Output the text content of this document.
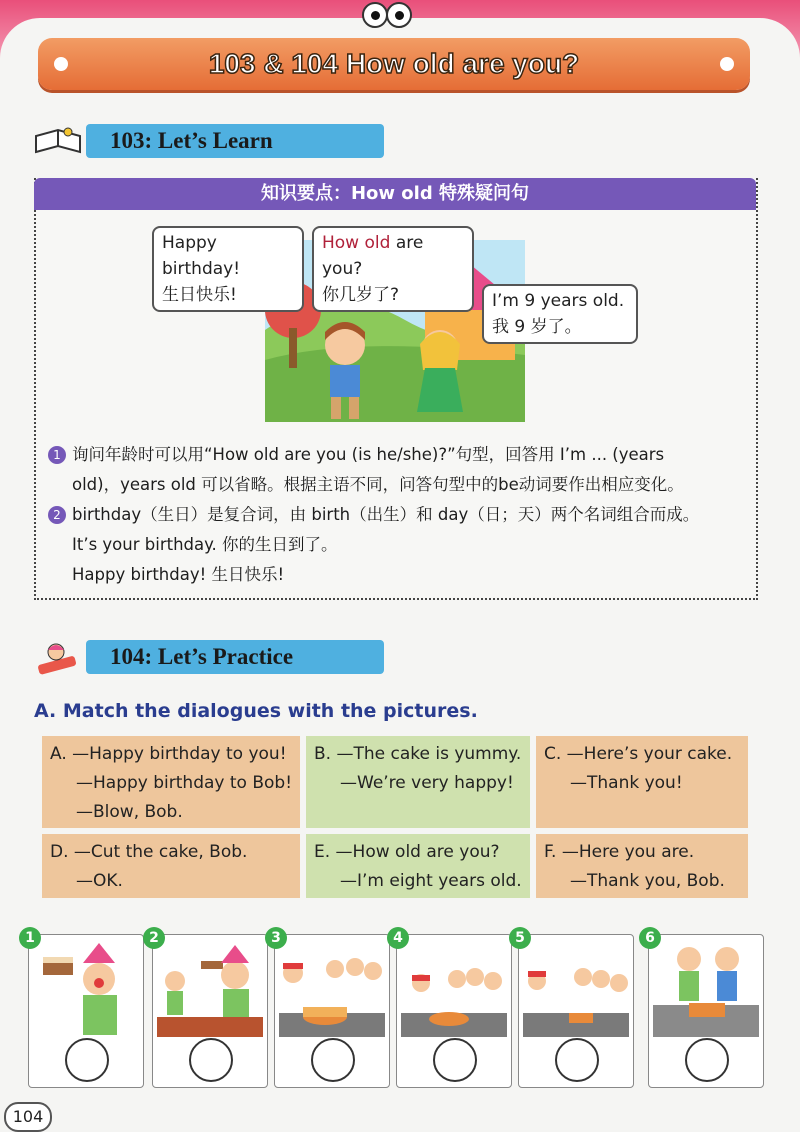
103 & 104 How old are you?
103: Let’s Learn
知识要点：How old 特殊疑问句
Happy birthday!
生日快乐!
How old are you?
你几岁了?	I’m 9 years old.
我 9 岁了。
1 询问年龄时可以用“How old are you (is he/she)?”句型，回答用 I’m ... (years
old)，years old 可以省略。根据主语不同，问答句型中的be动词要作出相应变化。
2 birthday（生日）是复合词，由 birth（出生）和 day（日；天）两个名词组合而成。
It’s your birthday. 你的生日到了。
Happy birthday! 生日快乐!
104: Let’s Practice
A. Match the dialogues with the pictures.
A. —Happy birthday to you!
—Happy birthday to Bob!
—Blow, Bob.
B. —The cake is yummy.
—We’re very happy!
C. —Here’s your cake.
—Thank you!
D. —Cut the cake, Bob.
—OK.
E. —How old are you?
—I’m eight years old.
F. —Here you are.
—Thank you, Bob.
1	2	3	4	5	6
104
